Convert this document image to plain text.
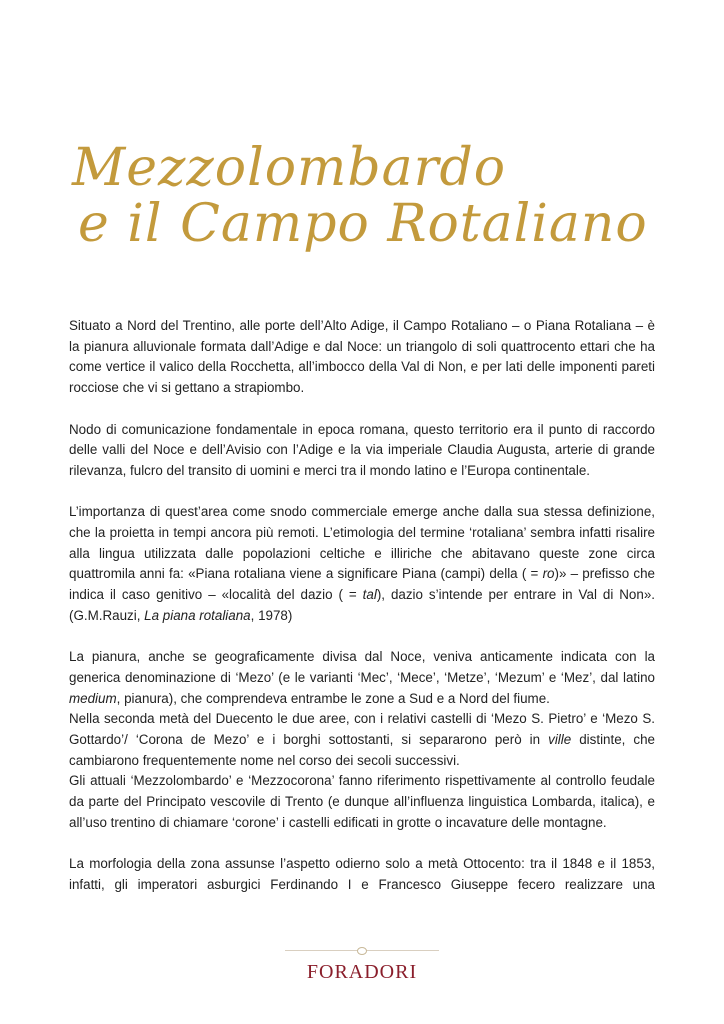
Mezzolombardo
e il Campo Rotaliano

Situato a Nord del Trentino, alle porte dell’Alto Adige, il Campo Rotaliano – o Piana Rotaliana – è la pianura alluvionale formata dall’Adige e dal Noce: un triangolo di soli quattrocento ettari che ha come vertice il valico della Rocchetta, all’imbocco della Val di Non, e per lati delle imponenti pareti rocciose che vi si gettano a strapiombo.

Nodo di comunicazione fondamentale in epoca romana, questo territorio era il punto di raccordo delle valli del Noce e dell’Avisio con l’Adige e la via imperiale Claudia Augusta, arterie di grande rilevanza, fulcro del transito di uomini e merci tra il mondo latino e l’Europa continentale.

L’importanza di quest’area come snodo commerciale emerge anche dalla sua stessa definizione, che la proietta in tempi ancora più remoti. L’etimologia del termine ‘rotaliana’ sembra infatti risalire alla lingua utilizzata dalle popolazioni celtiche e illiriche che abitavano queste zone circa quattromila anni fa: «Piana rotaliana viene a significare Piana (campi) della ( = ro)» – prefisso che indica il caso genitivo – «località del dazio ( = tal), dazio s’intende per entrare in Val di Non». (G.M.Rauzi, La piana rotaliana, 1978)

La pianura, anche se geograficamente divisa dal Noce, veniva anticamente indicata con la generica denominazione di ‘Mezo’ (e le varianti ‘Mec’, ‘Mece’, ‘Metze’, ‘Mezum’ e ‘Mez’, dal latino medium, pianura), che comprendeva entrambe le zone a Sud e a Nord del fiume.

Nella seconda metà del Duecento le due aree, con i relativi castelli di ‘Mezo S. Pietro’ e ‘Mezo S. Gottardo’/ ‘Corona de Mezo’ e i borghi sottostanti, si separarono però in ville distinte, che cambiarono frequentemente nome nel corso dei secoli successivi.

Gli attuali ‘Mezzolombardo’ e ‘Mezzocorona’ fanno riferimento rispettivamente al controllo feudale da parte del Principato vescovile di Trento (e dunque all’influenza linguistica Lombarda, italica), e all’uso trentino di chiamare ‘corone’ i castelli edificati in grotte o incavature delle montagne.

La morfologia della zona assunse l’aspetto odierno solo a metà Ottocento: tra il 1848 e il 1853, infatti, gli imperatori asburgici Ferdinando I e Francesco Giuseppe fecero realizzare una

FORADORI
